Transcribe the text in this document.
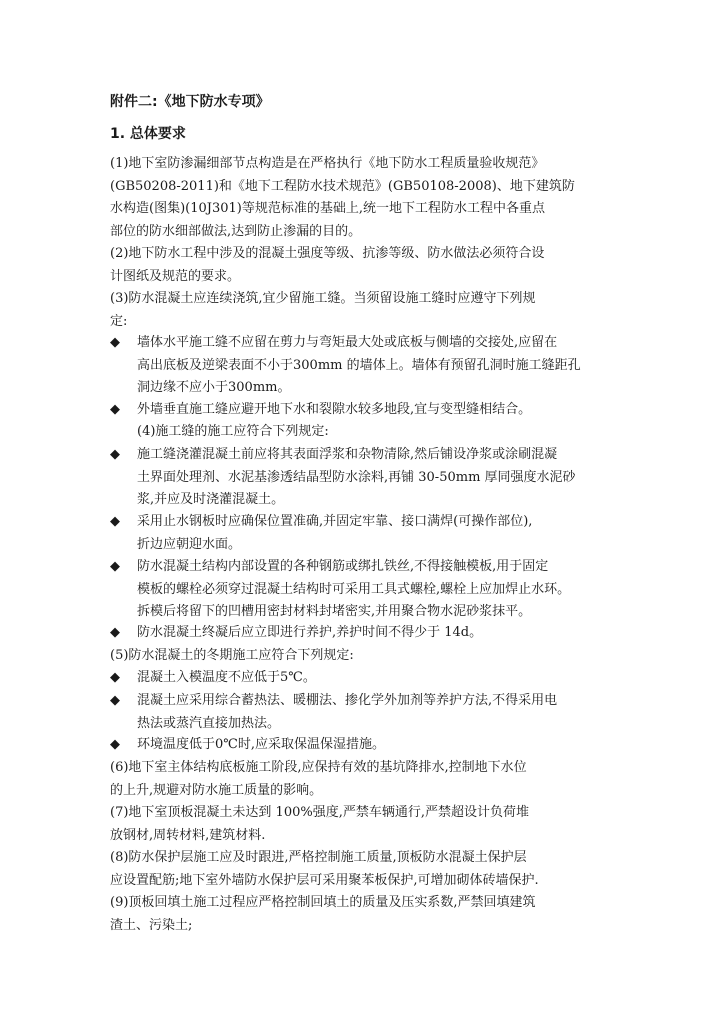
附件二:《地下防水专项》
1. 总体要求
(1)地下室防渗漏细部节点构造是在严格执行《地下防水工程质量验收规范》
(GB50208-2011)和《地下工程防水技术规范》(GB50108-2008)、地下建筑防
水构造(图集)(10J301)等规范标准的基础上,统一地下工程防水工程中各重点
部位的防水细部做法,达到防止渗漏的目的。
(2)地下防水工程中涉及的混凝土强度等级、抗渗等级、防水做法必须符合设
计图纸及规范的要求。
(3)防水混凝土应连续浇筑,宜少留施工缝。当须留设施工缝时应遵守下列规
定:
◆	墙体水平施工缝不应留在剪力与弯矩最大处或底板与侧墙的交接处,应留在
高出底板及逆梁表面不小于300mm 的墙体上。墙体有预留孔洞时施工缝距孔
洞边缘不应小于300mm。
◆	外墙垂直施工缝应避开地下水和裂隙水较多地段,宜与变型缝相结合。
(4)施工缝的施工应符合下列规定:
◆	施工缝浇灌混凝土前应将其表面浮浆和杂物清除,然后铺设净浆或涂刷混凝
土界面处理剂、水泥基渗透结晶型防水涂料,再铺 30-50mm 厚同强度水泥砂
浆,并应及时浇灌混凝土。
◆	采用止水钢板时应确保位置准确,并固定牢靠、接口满焊(可操作部位),
折边应朝迎水面。
◆	防水混凝土结构内部设置的各种钢筋或绑扎铁丝,不得接触模板,用于固定
模板的螺栓必须穿过混凝土结构时可采用工具式螺栓,螺栓上应加焊止水环。
拆模后将留下的凹槽用密封材料封堵密实,并用聚合物水泥砂浆抹平。
◆	防水混凝土终凝后应立即进行养护,养护时间不得少于 14d。
(5)防水混凝土的冬期施工应符合下列规定:
◆	混凝土入模温度不应低于5℃。
◆	混凝土应采用综合蓄热法、暖棚法、掺化学外加剂等养护方法,不得采用电
热法或蒸汽直接加热法。
◆	环境温度低于0℃时,应采取保温保湿措施。
(6)地下室主体结构底板施工阶段,应保持有效的基坑降排水,控制地下水位
的上升,规避对防水施工质量的影响。
(7)地下室顶板混凝土未达到 100%强度,严禁车辆通行,严禁超设计负荷堆
放钢材,周转材料,建筑材料.
(8)防水保护层施工应及时跟进,严格控制施工质量,顶板防水混凝土保护层
应设置配筋;地下室外墙防水保护层可采用聚苯板保护,可增加砌体砖墙保护.
(9)顶板回填土施工过程应严格控制回填土的质量及压实系数,严禁回填建筑
渣土、污染土;
